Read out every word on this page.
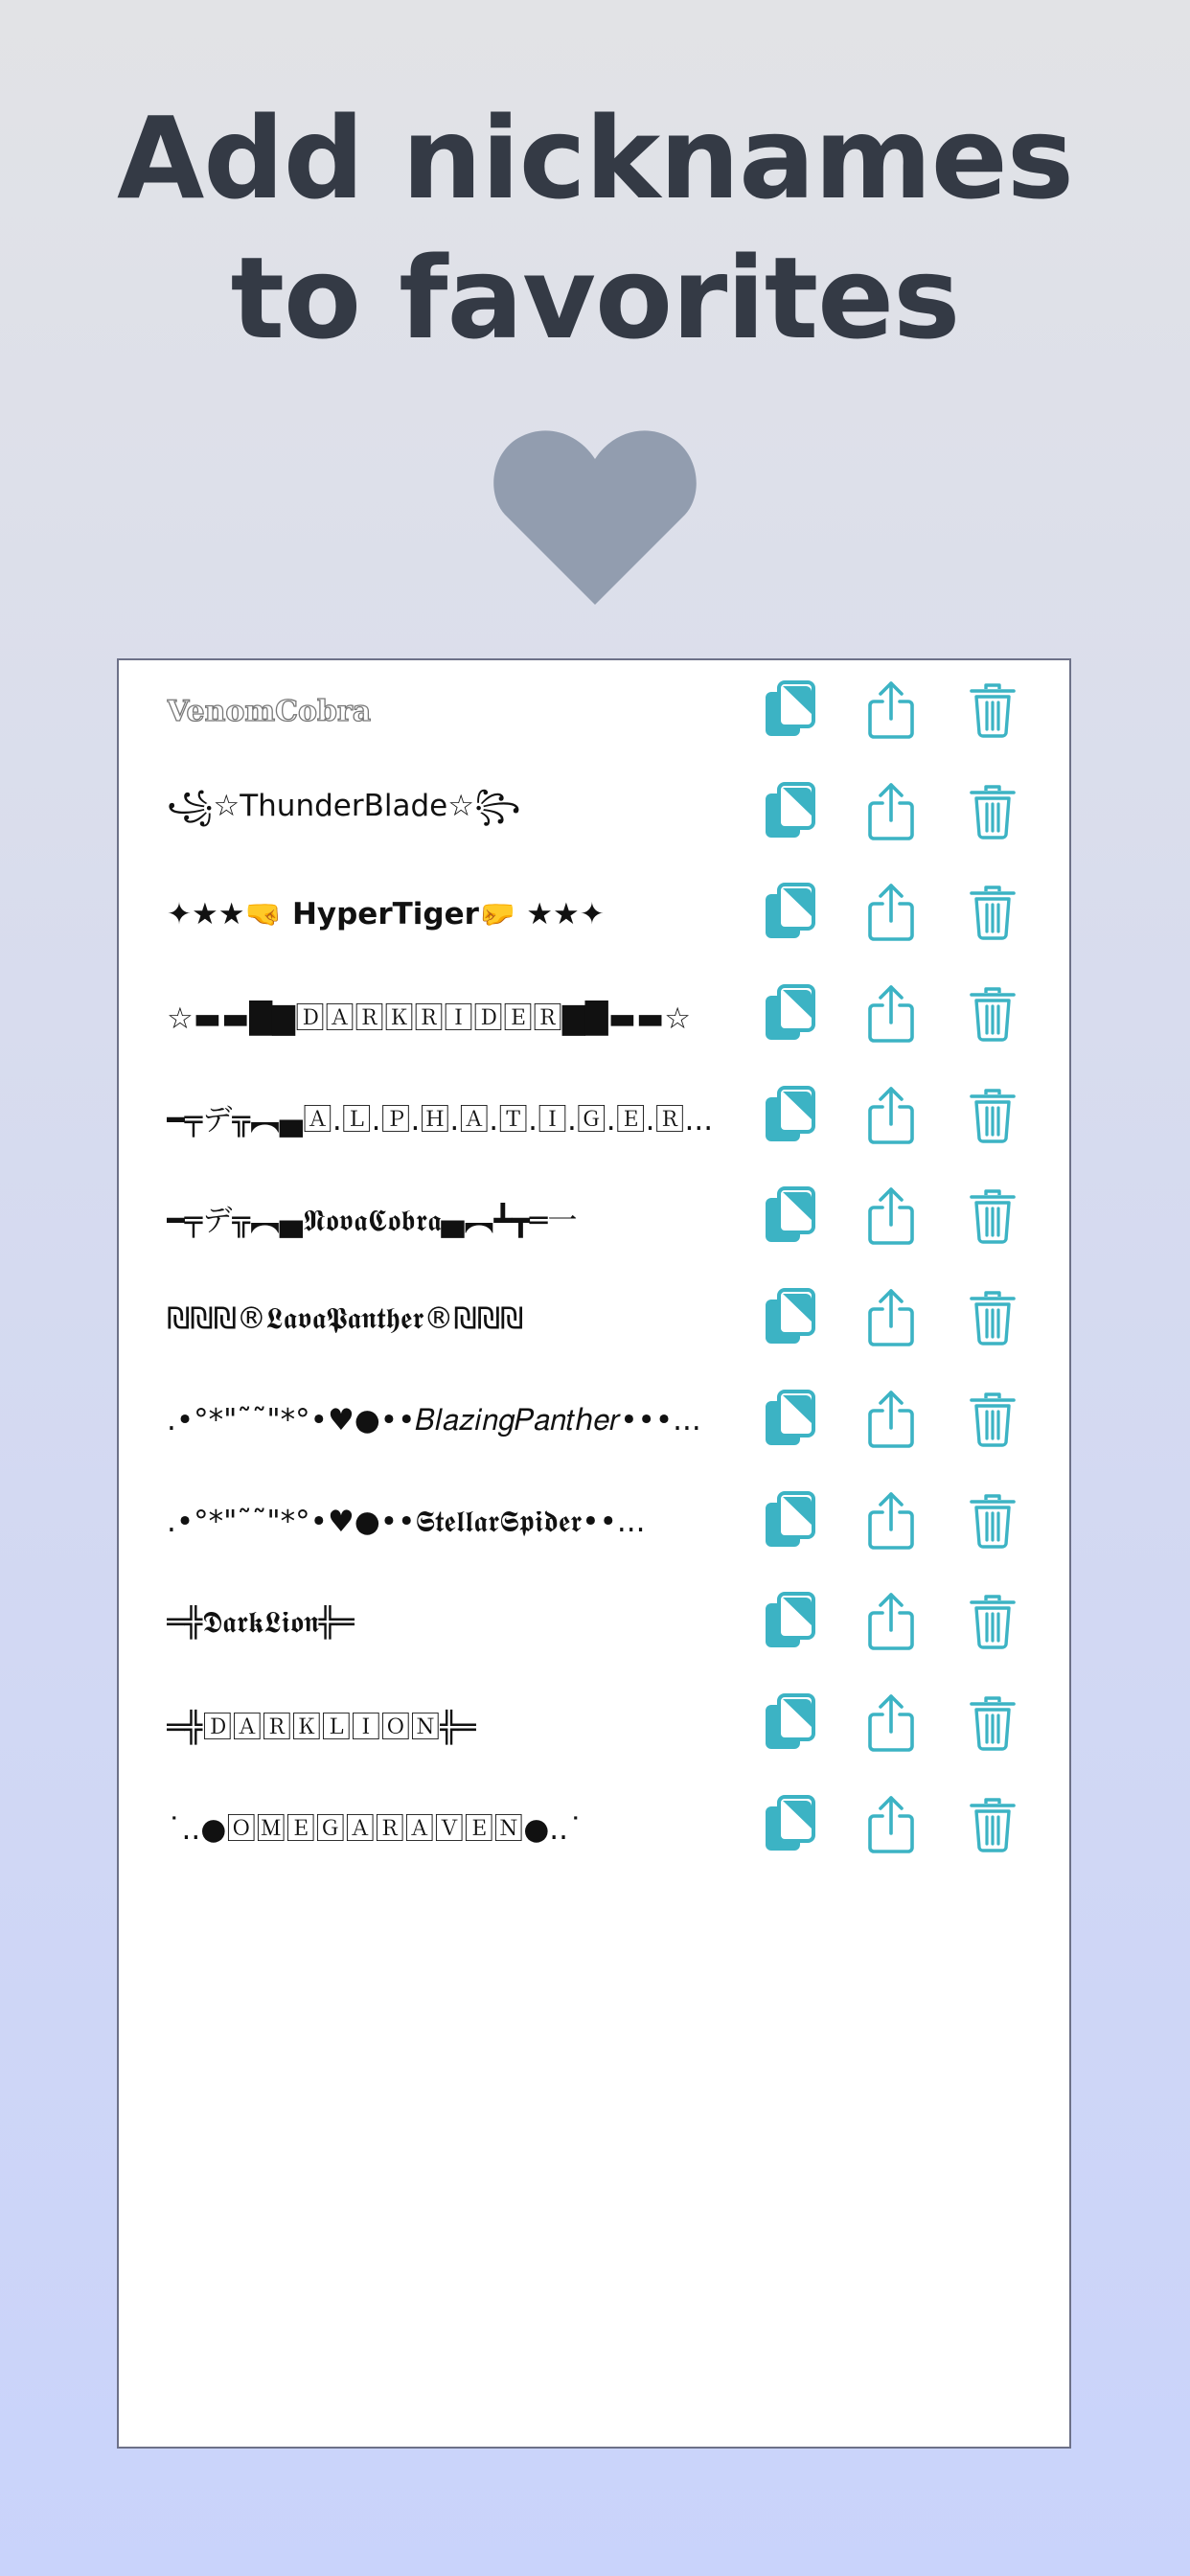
Add nicknames
to favorites
VenomCobra
꧁☆ThunderBlade☆꧂
✦★★🤜 HyperTiger🤛 ★★✦
☆▬▬█▇🄳🄰🅁🄺🅁🄸🄳🄴🅁▇█▬▬☆
━╤デ╦︻▄🄰.🄻.🄿.🄷.🄰.🅃.🄸.🄶.🄴.🅁...
━╤デ╦︻▄𝕹𝖔𝖛𝖆𝕮𝖔𝖇𝖗𝖆▄︻┻┳═一
₪₪₪®𝕷𝖆𝖛𝖆𝕻𝖆𝖓𝖙𝖍𝖊𝖗®₪₪₪
.•°*"˜˜"*°•♥●••𝐵𝑙𝑎𝑧𝑖𝑛𝑔𝑃𝑎𝑛𝑡ℎ𝑒𝑟•••...
.•°*"˜˜"*°•♥●••𝕾𝖙𝖊𝖑𝖑𝖆𝖗𝕾𝖕𝖎𝖉𝖊𝖗••...
═╬𝕯𝖆𝖗𝖐𝕷𝖎𝖔𝖓╬═
═╬🄳🄰🅁🄺🄻🄸🄾🄽╬═
˙..●🄾🄼🄴🄶🄰🅁🄰🅅🄴🄽●..˙
